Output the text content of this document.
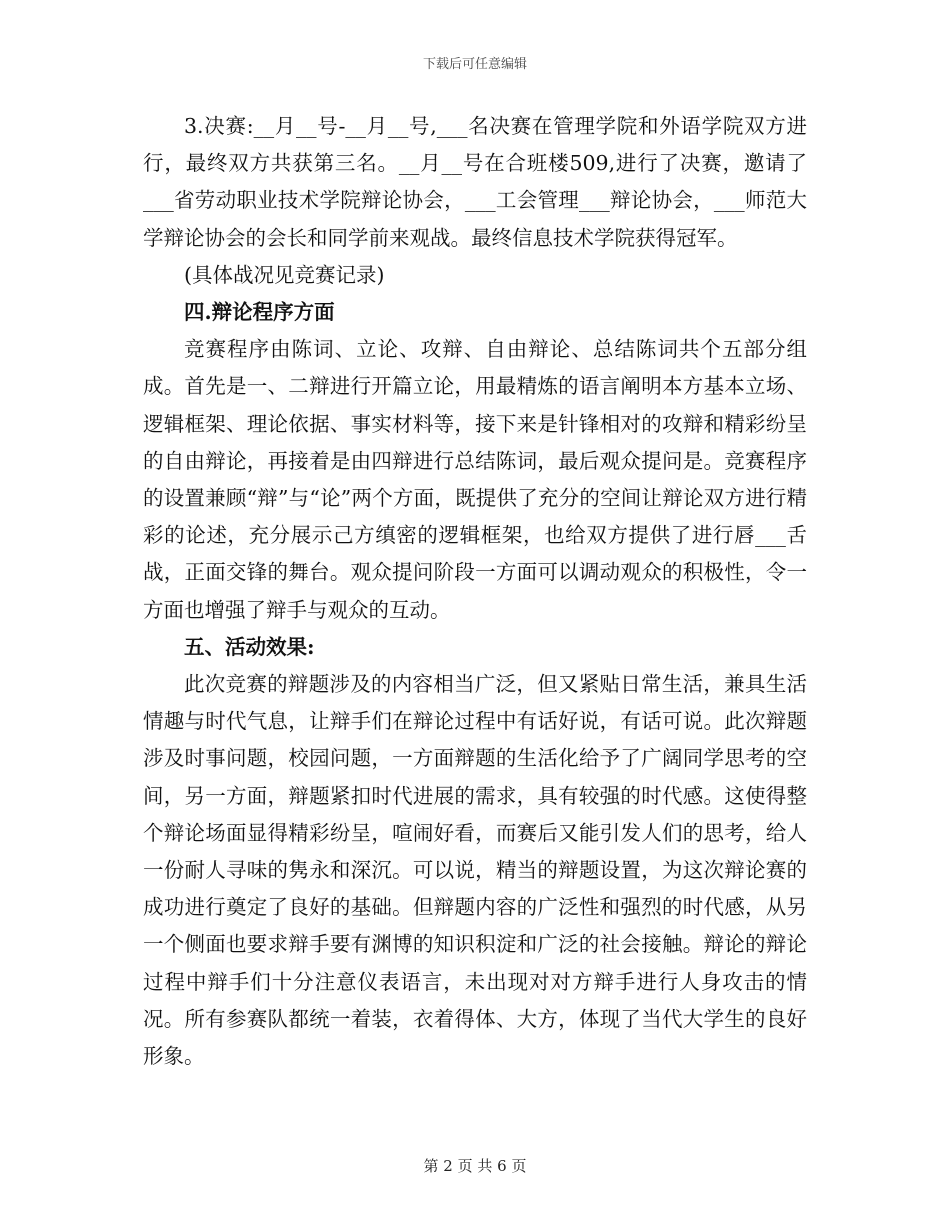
下载后可任意编辑

3.决赛:__月__号-__月__号,___名决赛在管理学院和外语学院双方进行，最终双方共获第三名。__月__号在合班楼509,进行了决赛，邀请了___省劳动职业技术学院辩论协会，___工会管理___辩论协会，___师范大学辩论协会的会长和同学前来观战。最终信息技术学院获得冠军。

(具体战况见竞赛记录)

四.辩论程序方面

竞赛程序由陈词、立论、攻辩、自由辩论、总结陈词共个五部分组成。首先是一、二辩进行开篇立论，用最精炼的语言阐明本方基本立场、逻辑框架、理论依据、事实材料等，接下来是针锋相对的攻辩和精彩纷呈的自由辩论，再接着是由四辩进行总结陈词，最后观众提问是。竞赛程序的设置兼顾“辩”与“论”两个方面，既提供了充分的空间让辩论双方进行精彩的论述，充分展示己方缜密的逻辑框架，也给双方提供了进行唇___舌战，正面交锋的舞台。观众提问阶段一方面可以调动观众的积极性，令一方面也增强了辩手与观众的互动。

五、活动效果:

此次竞赛的辩题涉及的内容相当广泛，但又紧贴日常生活，兼具生活情趣与时代气息，让辩手们在辩论过程中有话好说，有话可说。此次辩题涉及时事问题，校园问题，一方面辩题的生活化给予了广阔同学思考的空间，另一方面，辩题紧扣时代进展的需求，具有较强的时代感。这使得整个辩论场面显得精彩纷呈，喧闹好看，而赛后又能引发人们的思考，给人一份耐人寻味的隽永和深沉。可以说，精当的辩题设置，为这次辩论赛的成功进行奠定了良好的基础。但辩题内容的广泛性和强烈的时代感，从另一个侧面也要求辩手要有渊博的知识积淀和广泛的社会接触。辩论的辩论过程中辩手们十分注意仪表语言，未出现对对方辩手进行人身攻击的情况。所有参赛队都统一着装，衣着得体、大方，体现了当代大学生的良好形象。

第 2 页 共 6 页
